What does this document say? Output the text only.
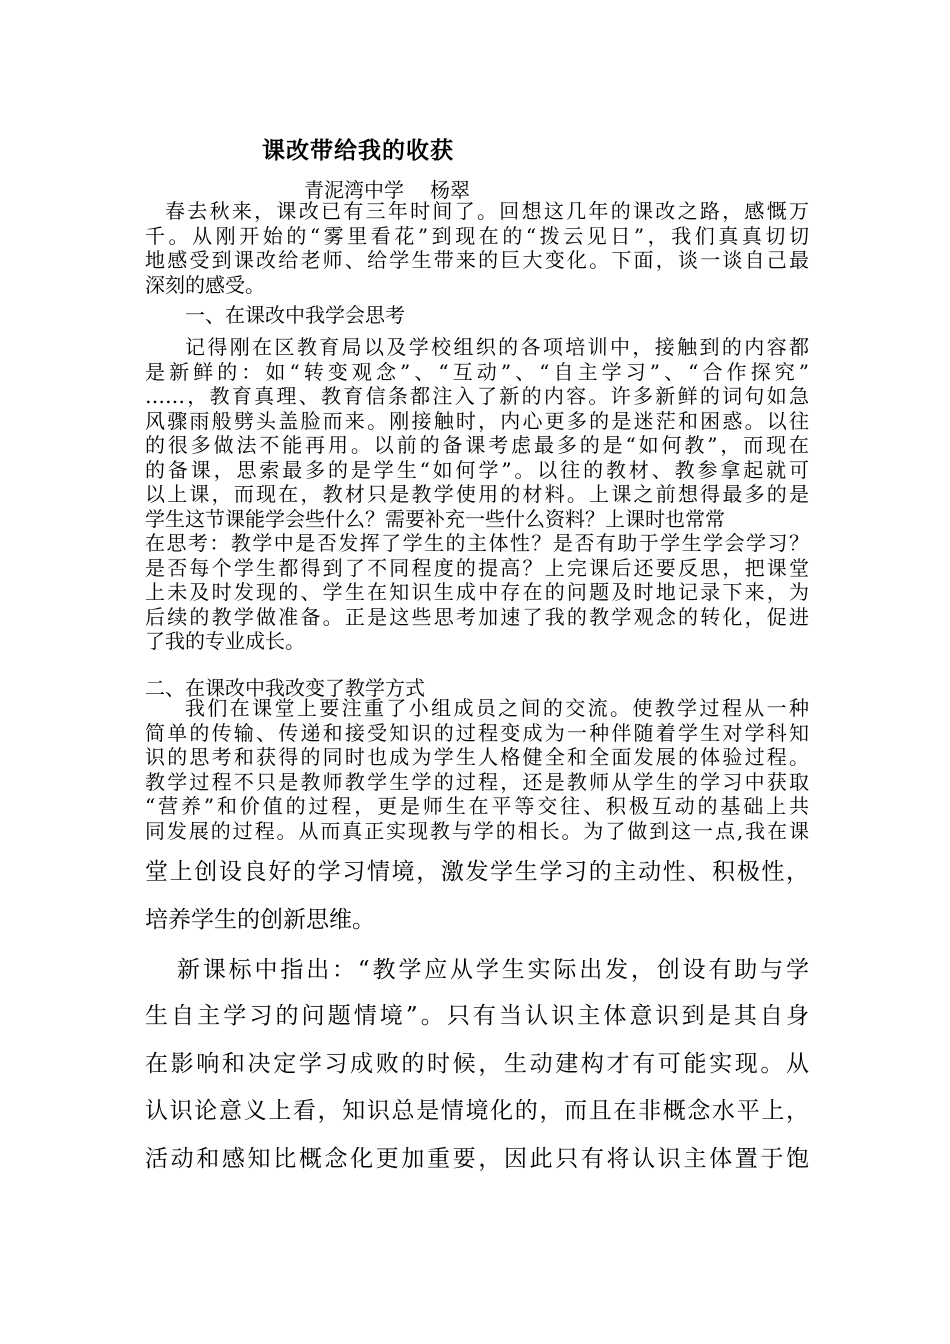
课改带给我的收获
青泥湾中学 杨翠
春去秋来，课改已有三年时间了。回想这几年的课改之路，感慨万
千。从刚开始的“雾里看花”到现在的“拨云见日”，我们真真切切
地感受到课改给老师、给学生带来的巨大变化。下面，谈一谈自己最
深刻的感受。
一、在课改中我学会思考
记得刚在区教育局以及学校组织的各项培训中，接触到的内容都
是新鲜的：如“转变观念”、“互动”、“自主学习”、“合作探究”
……，教育真理、教育信条都注入了新的内容。许多新鲜的词句如急
风骤雨般劈头盖脸而来。刚接触时，内心更多的是迷茫和困惑。以往
的很多做法不能再用。以前的备课考虑最多的是“如何教”，而现在
的备课，思索最多的是学生“如何学”。以往的教材、教参拿起就可
以上课，而现在，教材只是教学使用的材料。上课之前想得最多的是
学生这节课能学会些什么？需要补充一些什么资料？上课时也常常
在思考：教学中是否发挥了学生的主体性？是否有助于学生学会学习？
是否每个学生都得到了不同程度的提高？上完课后还要反思，把课堂
上未及时发现的、学生在知识生成中存在的问题及时地记录下来，为
后续的教学做准备。正是这些思考加速了我的教学观念的转化，促进
了我的专业成长。
二、在课改中我改变了教学方式
我们在课堂上要注重了小组成员之间的交流。使教学过程从一种
简单的传输、传递和接受知识的过程变成为一种伴随着学生对学科知
识的思考和获得的同时也成为学生人格健全和全面发展的体验过程。
教学过程不只是教师教学生学的过程，还是教师从学生的学习中获取
“营养”和价值的过程，更是师生在平等交往、积极互动的基础上共
同发展的过程。从而真正实现教与学的相长。为了做到这一点,我在课
堂上创设良好的学习情境，激发学生学习的主动性、积极性，
培养学生的创新思维。
新课标中指出：“教学应从学生实际出发，创设有助与学
生自主学习的问题情境”。只有当认识主体意识到是其自身
在影响和决定学习成败的时候，生动建构才有可能实现。从
认识论意义上看，知识总是情境化的，而且在非概念水平上，
活动和感知比概念化更加重要，因此只有将认识主体置于饱
